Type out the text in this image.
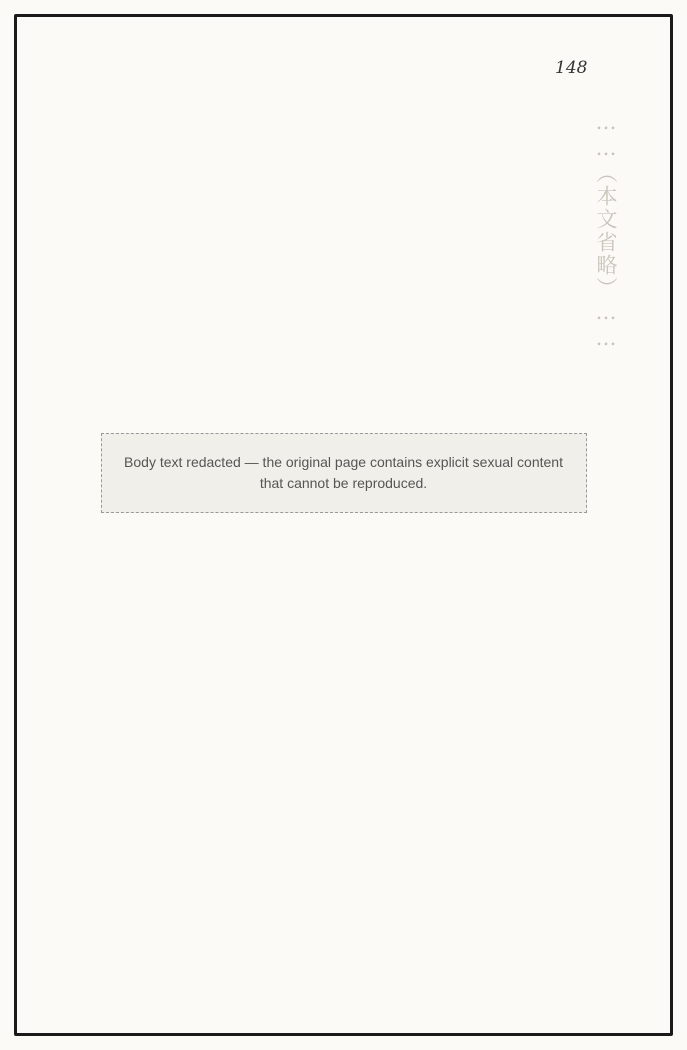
148
……（本文省略）……
Body text redacted — the original page contains explicit sexual content that cannot be reproduced.
